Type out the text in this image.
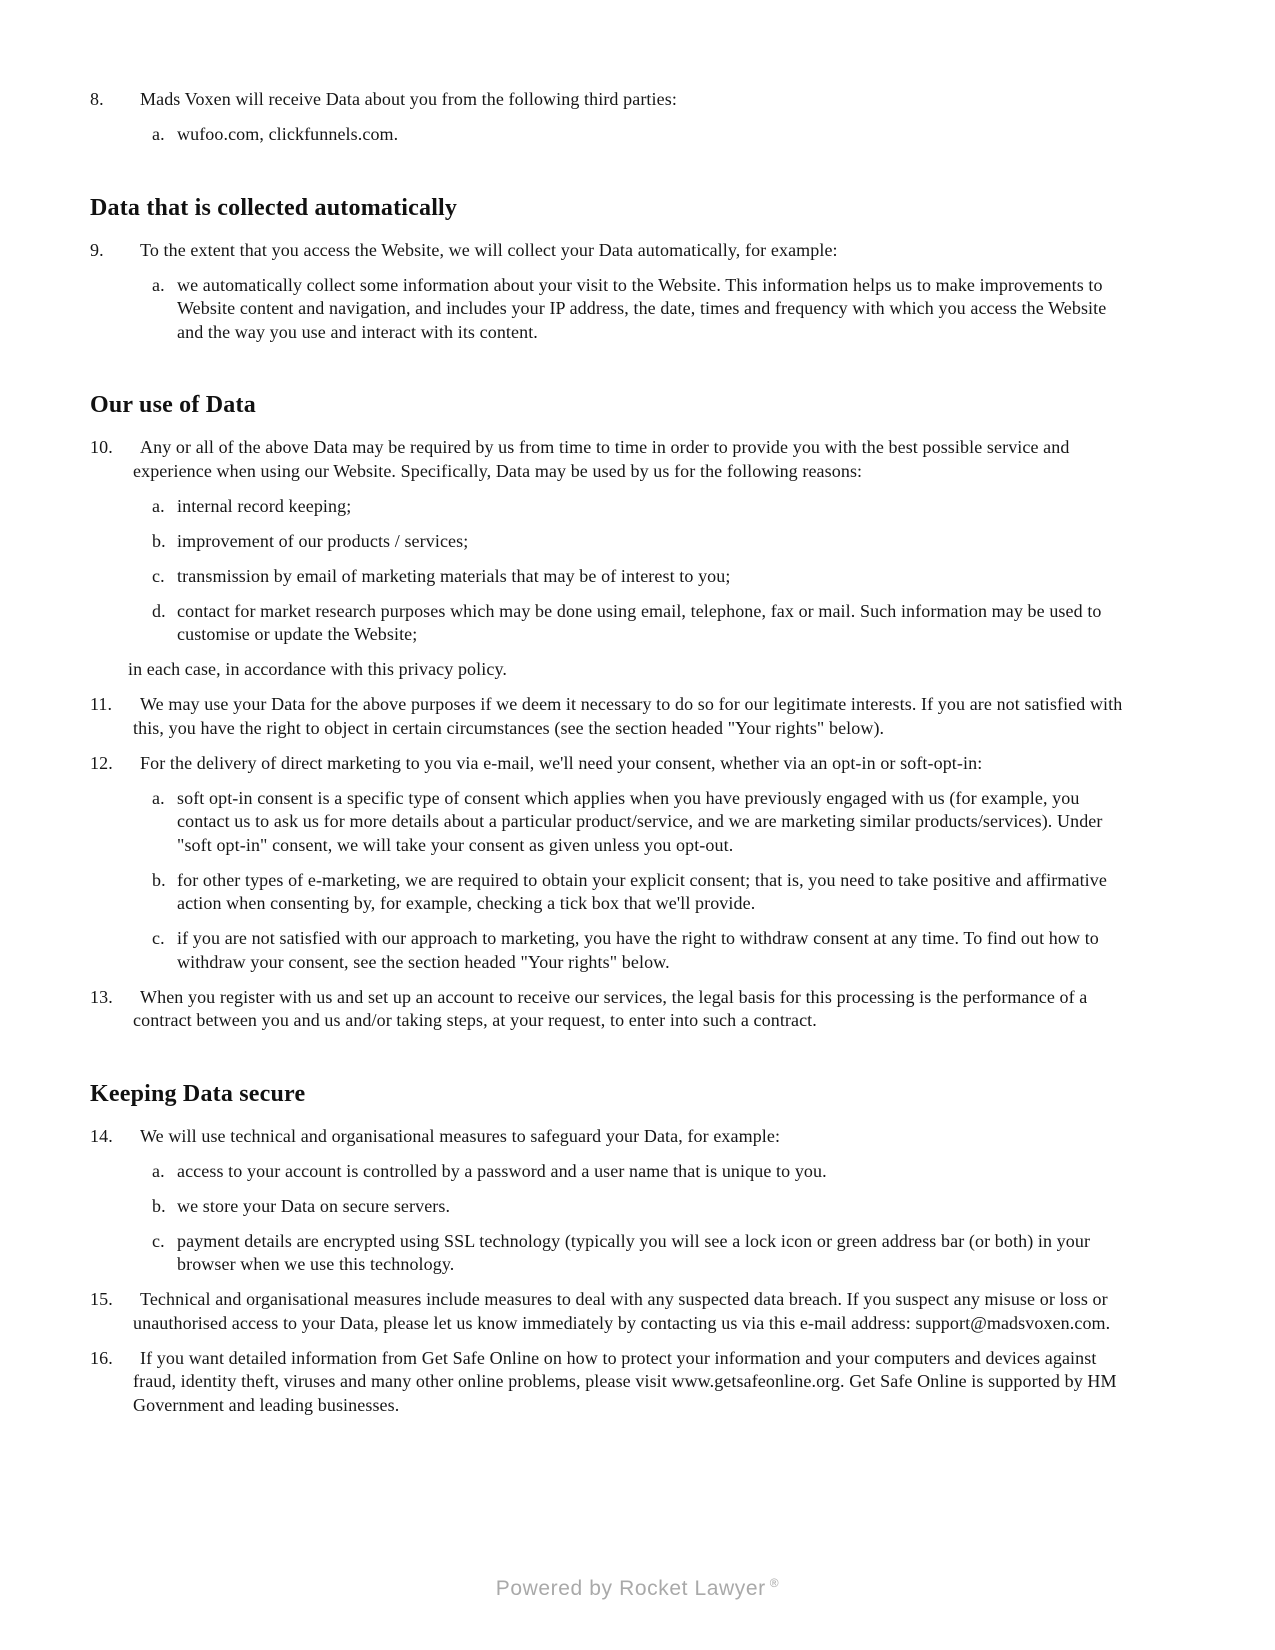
8. Mads Voxen will receive Data about you from the following third parties:
a. wufoo.com, clickfunnels.com.
Data that is collected automatically
9. To the extent that you access the Website, we will collect your Data automatically, for example:
a. we automatically collect some information about your visit to the Website. This information helps us to make improvements to Website content and navigation, and includes your IP address, the date, times and frequency with which you access the Website and the way you use and interact with its content.
Our use of Data
10. Any or all of the above Data may be required by us from time to time in order to provide you with the best possible service and experience when using our Website. Specifically, Data may be used by us for the following reasons:
a. internal record keeping;
b. improvement of our products / services;
c. transmission by email of marketing materials that may be of interest to you;
d. contact for market research purposes which may be done using email, telephone, fax or mail. Such information may be used to customise or update the Website;
in each case, in accordance with this privacy policy.
11. We may use your Data for the above purposes if we deem it necessary to do so for our legitimate interests. If you are not satisfied with this, you have the right to object in certain circumstances (see the section headed "Your rights" below).
12. For the delivery of direct marketing to you via e-mail, we'll need your consent, whether via an opt-in or soft-opt-in:
a. soft opt-in consent is a specific type of consent which applies when you have previously engaged with us (for example, you contact us to ask us for more details about a particular product/service, and we are marketing similar products/services). Under "soft opt-in" consent, we will take your consent as given unless you opt-out.
b. for other types of e-marketing, we are required to obtain your explicit consent; that is, you need to take positive and affirmative action when consenting by, for example, checking a tick box that we'll provide.
c. if you are not satisfied with our approach to marketing, you have the right to withdraw consent at any time. To find out how to withdraw your consent, see the section headed "Your rights" below.
13. When you register with us and set up an account to receive our services, the legal basis for this processing is the performance of a contract between you and us and/or taking steps, at your request, to enter into such a contract.
Keeping Data secure
14. We will use technical and organisational measures to safeguard your Data, for example:
a. access to your account is controlled by a password and a user name that is unique to you.
b. we store your Data on secure servers.
c. payment details are encrypted using SSL technology (typically you will see a lock icon or green address bar (or both) in your browser when we use this technology.
15. Technical and organisational measures include measures to deal with any suspected data breach. If you suspect any misuse or loss or unauthorised access to your Data, please let us know immediately by contacting us via this e-mail address: support@madsvoxen.com.
16. If you want detailed information from Get Safe Online on how to protect your information and your computers and devices against fraud, identity theft, viruses and many other online problems, please visit www.getsafeonline.org. Get Safe Online is supported by HM Government and leading businesses.
Powered by Rocket Lawyer ®
